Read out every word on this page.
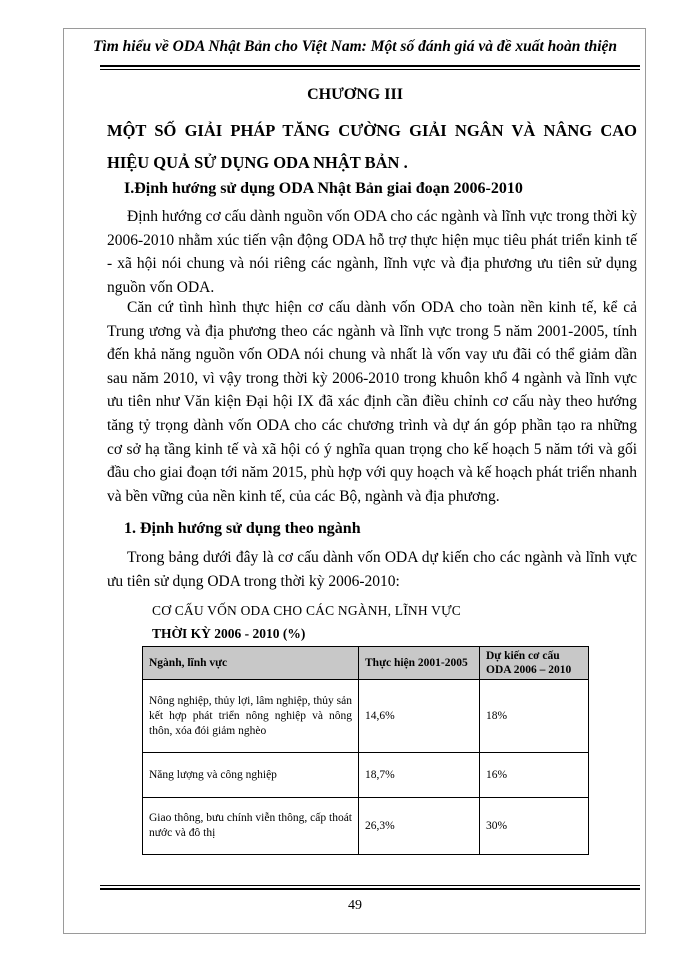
Tìm hiểu về ODA Nhật Bản cho Việt Nam: Một số đánh giá và đề xuất hoàn thiện
CHƯƠNG III
MỘT SỐ GIẢI PHÁP TĂNG CƯỜNG GIẢI NGÂN VÀ NÂNG CAO HIỆU QUẢ SỬ DỤNG ODA NHẬT BẢN .
I.Định hướng sử dụng ODA Nhật Bản giai đoạn 2006-2010

Định hướng cơ cấu dành nguồn vốn ODA cho các ngành và lĩnh vực trong thời kỳ 2006-2010 nhằm xúc tiến vận động ODA hỗ trợ thực hiện mục tiêu phát triển kinh tế - xã hội nói chung và nói riêng các ngành, lĩnh vực và địa phương ưu tiên sử dụng nguồn vốn ODA.

Căn cứ tình hình thực hiện cơ cấu dành vốn ODA cho toàn nền kinh tế, kể cả Trung ương và địa phương theo các ngành và lĩnh vực trong 5 năm 2001-2005, tính đến khả năng nguồn vốn ODA nói chung và nhất là vốn vay ưu đãi có thể giảm dần sau năm 2010, vì vậy trong thời kỳ 2006-2010 trong khuôn khổ 4 ngành và lĩnh vực ưu tiên như Văn kiện Đại hội IX đã xác định cần điều chỉnh cơ cấu này theo hướng tăng tỷ trọng dành vốn ODA cho các chương trình và dự án góp phần tạo ra những cơ sở hạ tầng kinh tế và xã hội có ý nghĩa quan trọng cho kế hoạch 5 năm tới và gối đầu cho giai đoạn tới năm 2015, phù hợp với quy hoạch và kế hoạch phát triển nhanh và bền vững của nền kinh tế, của các Bộ, ngành và địa phương.

1. Định hướng sử dụng theo ngành

Trong bảng dưới đây là cơ cấu dành vốn ODA dự kiến cho các ngành và lĩnh vực ưu tiên sử dụng ODA trong thời kỳ 2006-2010:

CƠ CẤU VỐN ODA CHO CÁC NGÀNH, LĨNH VỰC
THỜI KỲ 2006 - 2010 (%)
Ngành, lĩnh vực	Thực hiện 2001-2005	Dự kiến cơ cấu ODA 2006 – 2010
Nông nghiệp, thủy lợi, lâm nghiệp, thủy sản kết hợp phát triển nông nghiệp và nông thôn, xóa đói giảm nghèo	14,6%	18%
Năng lượng và công nghiệp	18,7%	16%
Giao thông, bưu chính viễn thông, cấp thoát nước và đô thị	26,3%	30%
49
